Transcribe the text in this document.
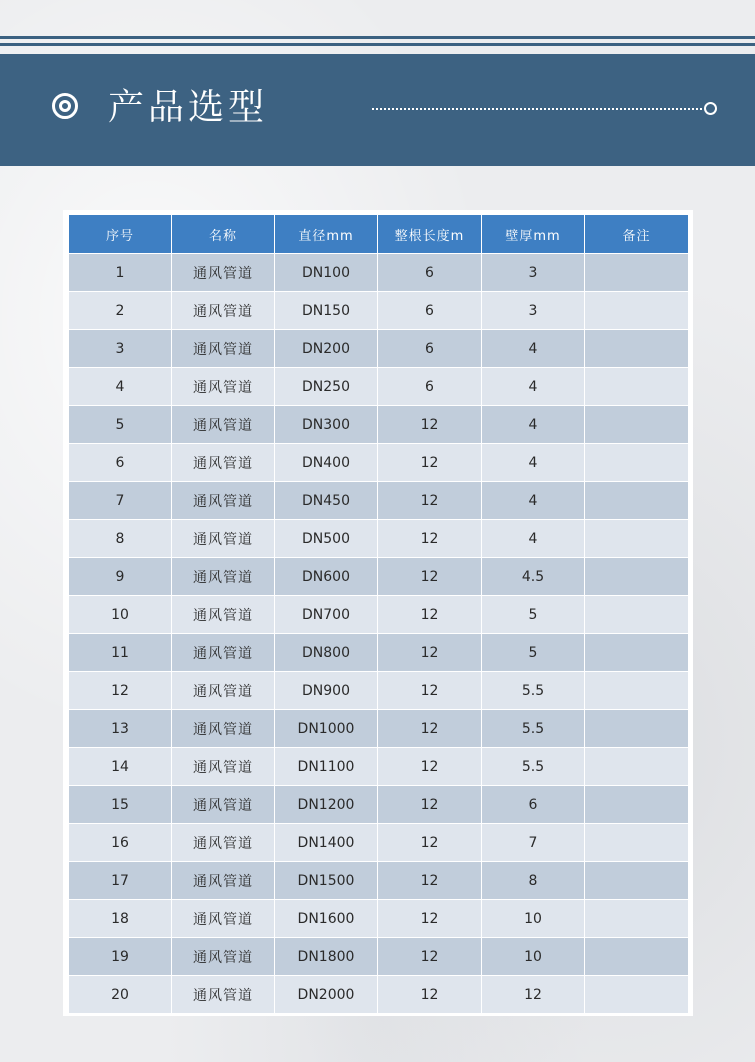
产品选型
序号	名称	直径mm	整根长度m	壁厚mm	备注
1	通风管道	DN100	6	3	
2	通风管道	DN150	6	3	
3	通风管道	DN200	6	4	
4	通风管道	DN250	6	4	
5	通风管道	DN300	12	4	
6	通风管道	DN400	12	4	
7	通风管道	DN450	12	4	
8	通风管道	DN500	12	4	
9	通风管道	DN600	12	4.5	
10	通风管道	DN700	12	5	
11	通风管道	DN800	12	5	
12	通风管道	DN900	12	5.5	
13	通风管道	DN1000	12	5.5	
14	通风管道	DN1100	12	5.5	
15	通风管道	DN1200	12	6	
16	通风管道	DN1400	12	7	
17	通风管道	DN1500	12	8	
18	通风管道	DN1600	12	10	
19	通风管道	DN1800	12	10	
20	通风管道	DN2000	12	12	
